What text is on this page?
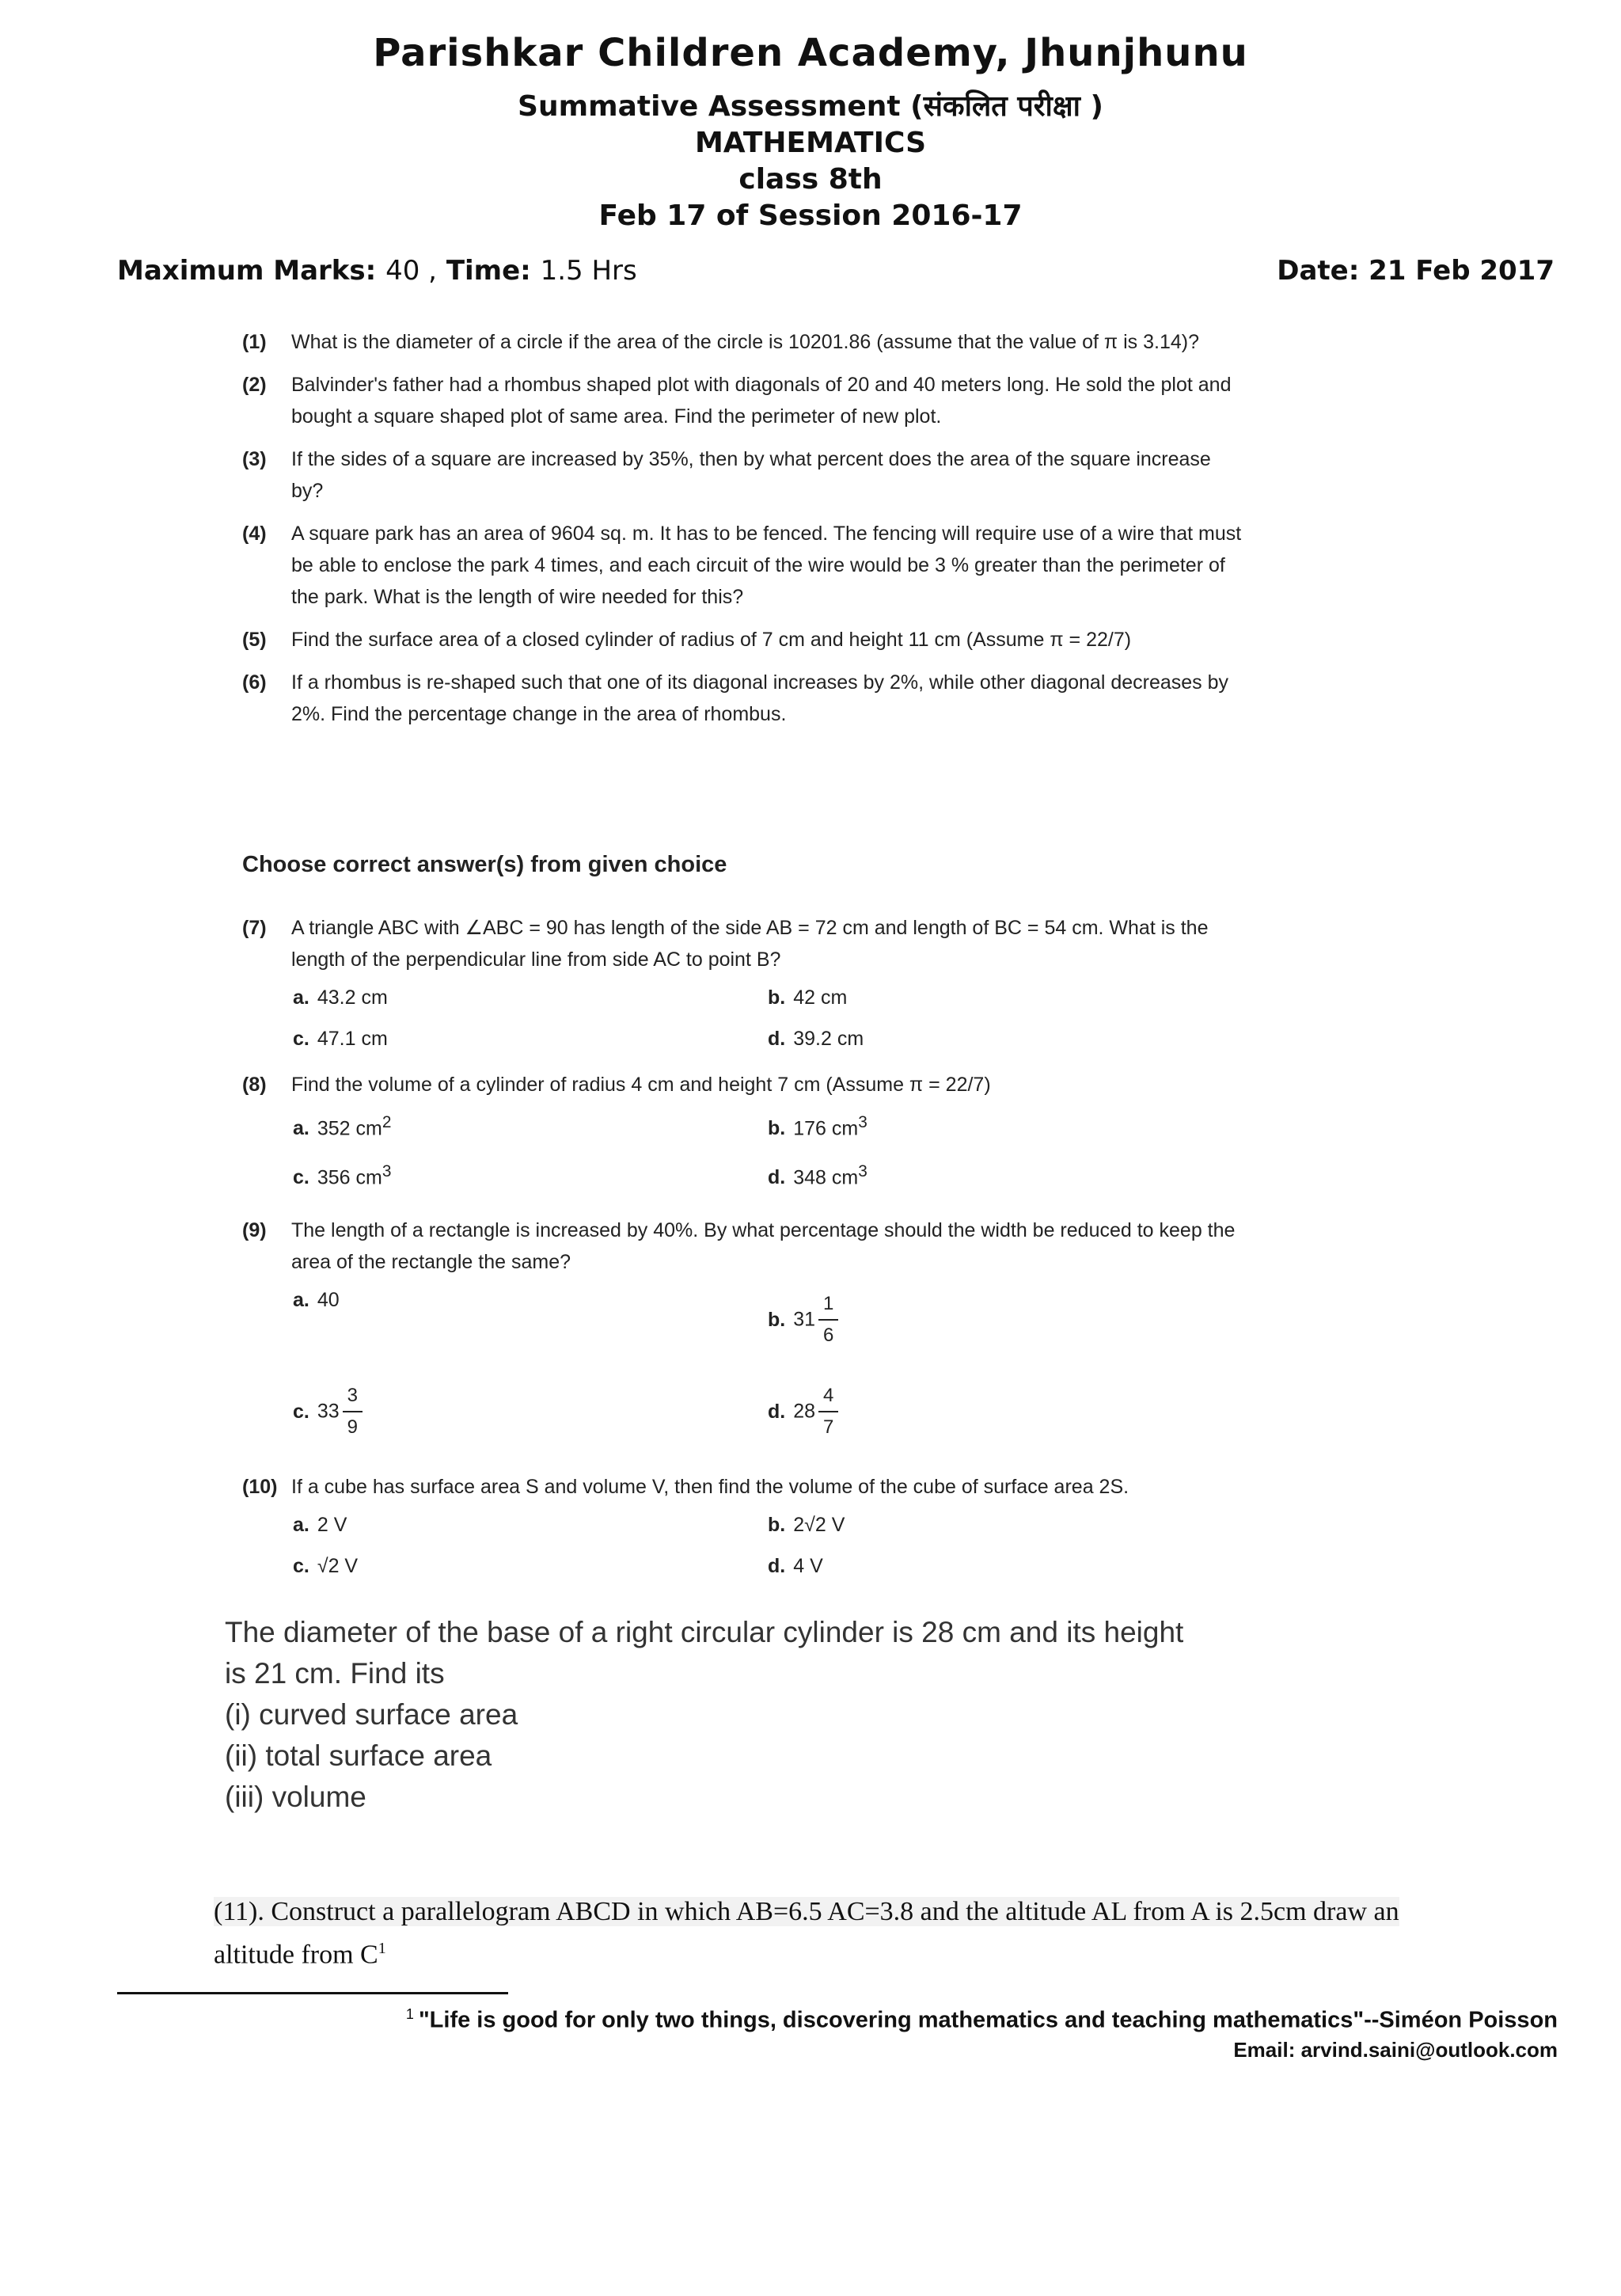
Parishkar Children Academy, Jhunjhunu

Summative Assessment (संकलित परीक्षा )

MATHEMATICS

class 8th

Feb 17 of Session 2016-17

Maximum Marks: 40 , Time: 1.5 Hrs	Date: 21 Feb 2017
(1) What is the diameter of a circle if the area of the circle is 10201.86 (assume that the value of π is 3.14)?
(2) Balvinder's father had a rhombus shaped plot with diagonals of 20 and 40 meters long. He sold the plot and bought a square shaped plot of same area. Find the perimeter of new plot.
(3) If the sides of a square are increased by 35%, then by what percent does the area of the square increase by?
(4) A square park has an area of 9604 sq. m. It has to be fenced. The fencing will require use of a wire that must be able to enclose the park 4 times, and each circuit of the wire would be 3 % greater than the perimeter of the park. What is the length of wire needed for this?
(5) Find the surface area of a closed cylinder of radius of 7 cm and height 11 cm (Assume π = 22/7)
(6) If a rhombus is re-shaped such that one of its diagonal increases by 2%, while other diagonal decreases by 2%. Find the percentage change in the area of rhombus.
Choose correct answer(s) from given choice
(7) A triangle ABC with ∠ABC = 90 has length of the side AB = 72 cm and length of BC = 54 cm. What is the length of the perpendicular line from side AC to point B?
a. 43.2 cm	b. 42 cm
c. 47.1 cm	d. 39.2 cm
(8) Find the volume of a cylinder of radius 4 cm and height 7 cm (Assume π = 22/7)
a. 352 $cm^2$	b. 176 $cm^3$
c. 356 $cm^3$	d. 348 $cm^3$
(9) The length of a rectangle is increased by 40%. By what percentage should the width be reduced to keep the area of the rectangle the same?
a. 40
b. $31 \frac{1}{6}$
c. $33 \frac{3}{9}$	d. $28 \frac{4}{7}$
(10) If a cube has surface area S and volume V, then find the volume of the cube of surface area 2S.
a. 2 V	b. 2√2 V
c. √2 V	d. 4 V

The diameter of the base of a right circular cylinder is 28 cm and its height

is 21 cm. Find its

(i) curved surface area

(ii) total surface area

(iii) volume

(11). Construct a parallelogram ABCD in which AB=6.5 AC=3.8 and the altitude AL from A is 2.5cm draw an
altitude from $C^1$
$^1$ "Life is good for only two things, discovering mathematics and teaching mathematics"--Siméon Poisson
Email: arvind.saini@outlook.com
